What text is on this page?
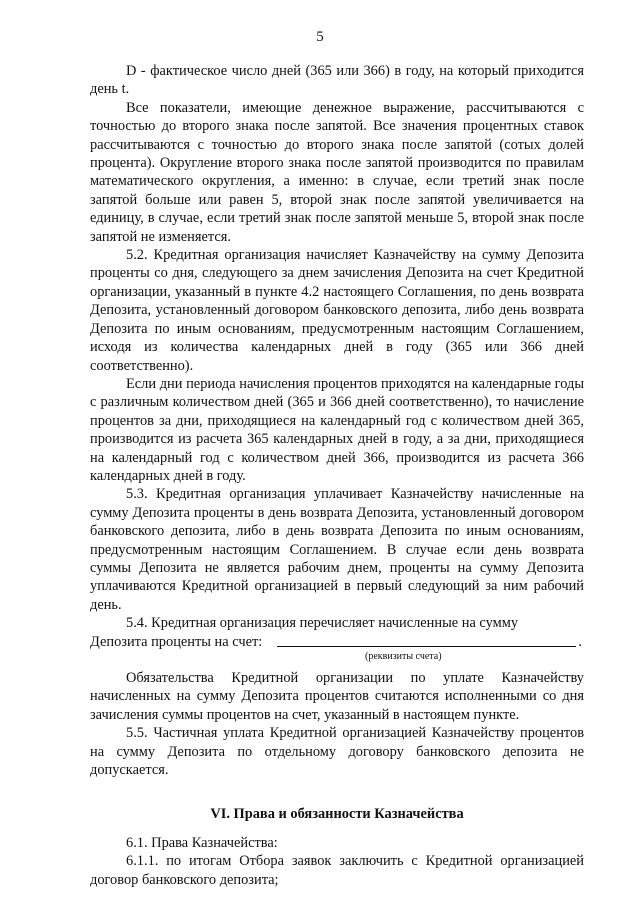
5

D - фактическое число дней (365 или 366) в году, на который приходится день t.

Все показатели, имеющие денежное выражение, рассчитываются с точностью до второго знака после запятой. Все значения процентных ставок рассчитываются с точностью до второго знака после запятой (сотых долей процента). Округление второго знака после запятой производится по правилам математического округления, а именно: в случае, если третий знак после запятой больше или равен 5, второй знак после запятой увеличивается на единицу, в случае, если третий знак после запятой меньше 5, второй знак после запятой не изменяется.

5.2. Кредитная организация начисляет Казначейству на сумму Депозита проценты со дня, следующего за днем зачисления Депозита на счет Кредитной организации, указанный в пункте 4.2 настоящего Соглашения, по день возврата Депозита, установленный договором банковского депозита, либо день возврата Депозита по иным основаниям, предусмотренным настоящим Соглашением, исходя из количества календарных дней в году (365 или 366 дней соответственно).

Если дни периода начисления процентов приходятся на календарные годы с различным количеством дней (365 и 366 дней соответственно), то начисление процентов за дни, приходящиеся на календарный год с количеством дней 365, производится из расчета 365 календарных дней в году, а за дни, приходящиеся на календарный год с количеством дней 366, производится из расчета 366 календарных дней в году.

5.3. Кредитная организация уплачивает Казначейству начисленные на сумму Депозита проценты в день возврата Депозита, установленный договором банковского депозита, либо в день возврата Депозита по иным основаниям, предусмотренным настоящим Соглашением. В случае если день возврата суммы Депозита не является рабочим днем, проценты на сумму Депозита уплачиваются Кредитной организацией в первый следующий за ним рабочий день.

5.4. Кредитная организация перечисляет начисленные на сумму

Депозита проценты на счет:	.
(реквизиты счета)

Обязательства Кредитной организации по уплате Казначейству начисленных на сумму Депозита процентов считаются исполненными со дня зачисления суммы процентов на счет, указанный в настоящем пункте.

5.5. Частичная уплата Кредитной организацией Казначейству процентов на сумму Депозита по отдельному договору банковского депозита не допускается.

VI. Права и обязанности Казначейства

6.1. Права Казначейства:

6.1.1. по итогам Отбора заявок заключить с Кредитной организацией договор банковского депозита;
